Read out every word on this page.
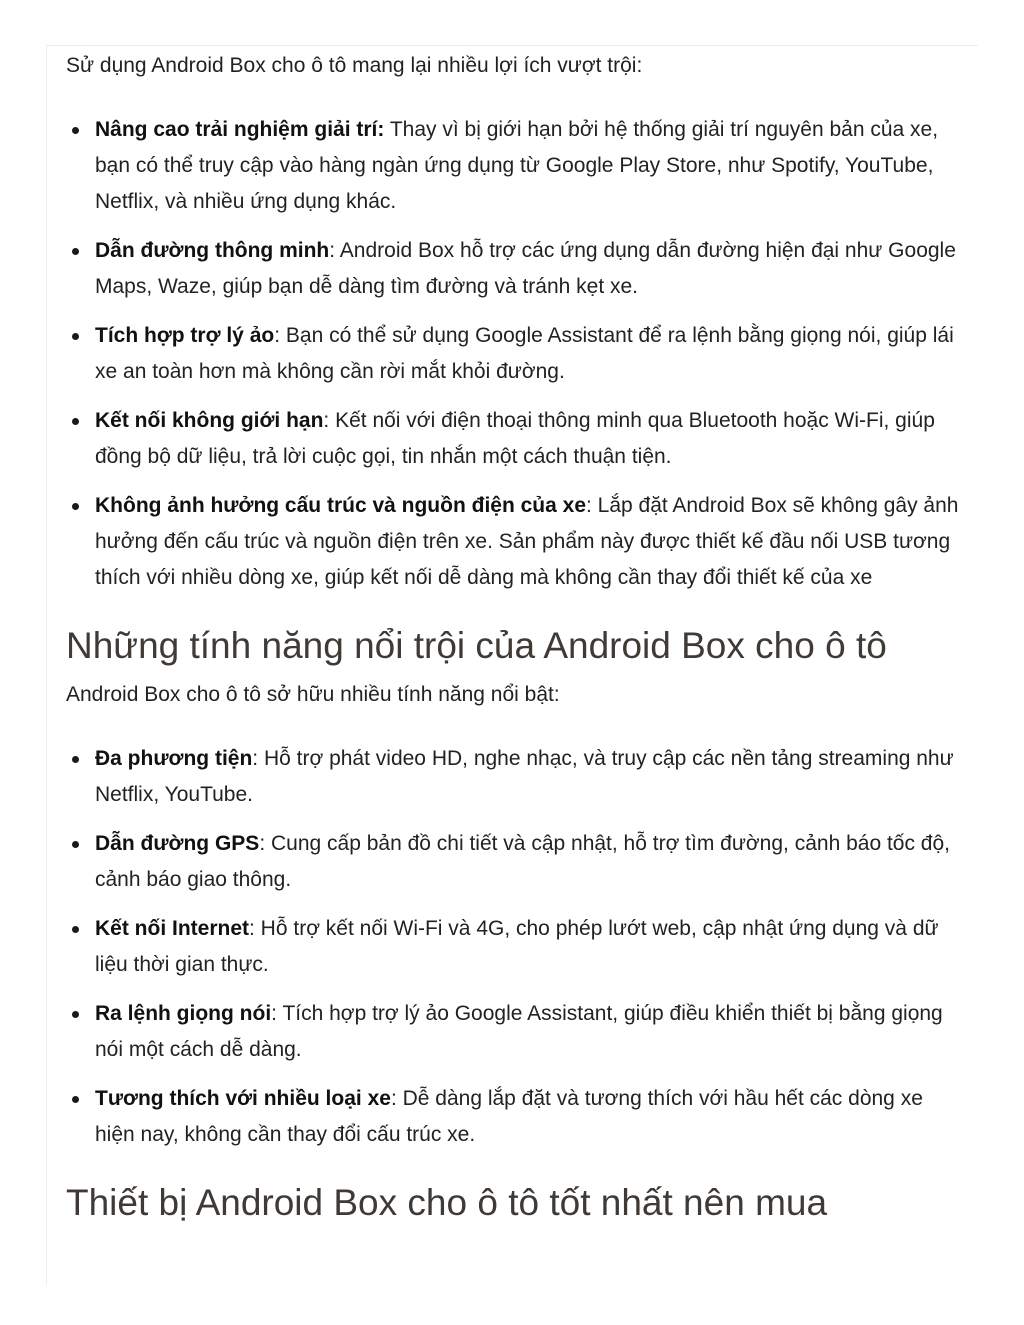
Sử dụng Android Box cho ô tô mang lại nhiều lợi ích vượt trội:

Nâng cao trải nghiệm giải trí: Thay vì bị giới hạn bởi hệ thống giải trí nguyên bản của xe, bạn có thể truy cập vào hàng ngàn ứng dụng từ Google Play Store, như Spotify, YouTube, Netflix, và nhiều ứng dụng khác.
Dẫn đường thông minh: Android Box hỗ trợ các ứng dụng dẫn đường hiện đại như Google Maps, Waze, giúp bạn dễ dàng tìm đường và tránh kẹt xe.
Tích hợp trợ lý ảo: Bạn có thể sử dụng Google Assistant để ra lệnh bằng giọng nói, giúp lái xe an toàn hơn mà không cần rời mắt khỏi đường.
Kết nối không giới hạn: Kết nối với điện thoại thông minh qua Bluetooth hoặc Wi-Fi, giúp đồng bộ dữ liệu, trả lời cuộc gọi, tin nhắn một cách thuận tiện.
Không ảnh hưởng cấu trúc và nguồn điện của xe: Lắp đặt Android Box sẽ không gây ảnh hưởng đến cấu trúc và nguồn điện trên xe. Sản phẩm này được thiết kế đầu nối USB tương thích với nhiều dòng xe, giúp kết nối dễ dàng mà không cần thay đổi thiết kế của xe
Những tính năng nổi trội của Android Box cho ô tô

Android Box cho ô tô sở hữu nhiều tính năng nổi bật:

Đa phương tiện: Hỗ trợ phát video HD, nghe nhạc, và truy cập các nền tảng streaming như Netflix, YouTube.
Dẫn đường GPS: Cung cấp bản đồ chi tiết và cập nhật, hỗ trợ tìm đường, cảnh báo tốc độ, cảnh báo giao thông.
Kết nối Internet: Hỗ trợ kết nối Wi-Fi và 4G, cho phép lướt web, cập nhật ứng dụng và dữ liệu thời gian thực.
Ra lệnh giọng nói: Tích hợp trợ lý ảo Google Assistant, giúp điều khiển thiết bị bằng giọng nói một cách dễ dàng.
Tương thích với nhiều loại xe: Dễ dàng lắp đặt và tương thích với hầu hết các dòng xe hiện nay, không cần thay đổi cấu trúc xe.
Thiết bị Android Box cho ô tô tốt nhất nên mua
